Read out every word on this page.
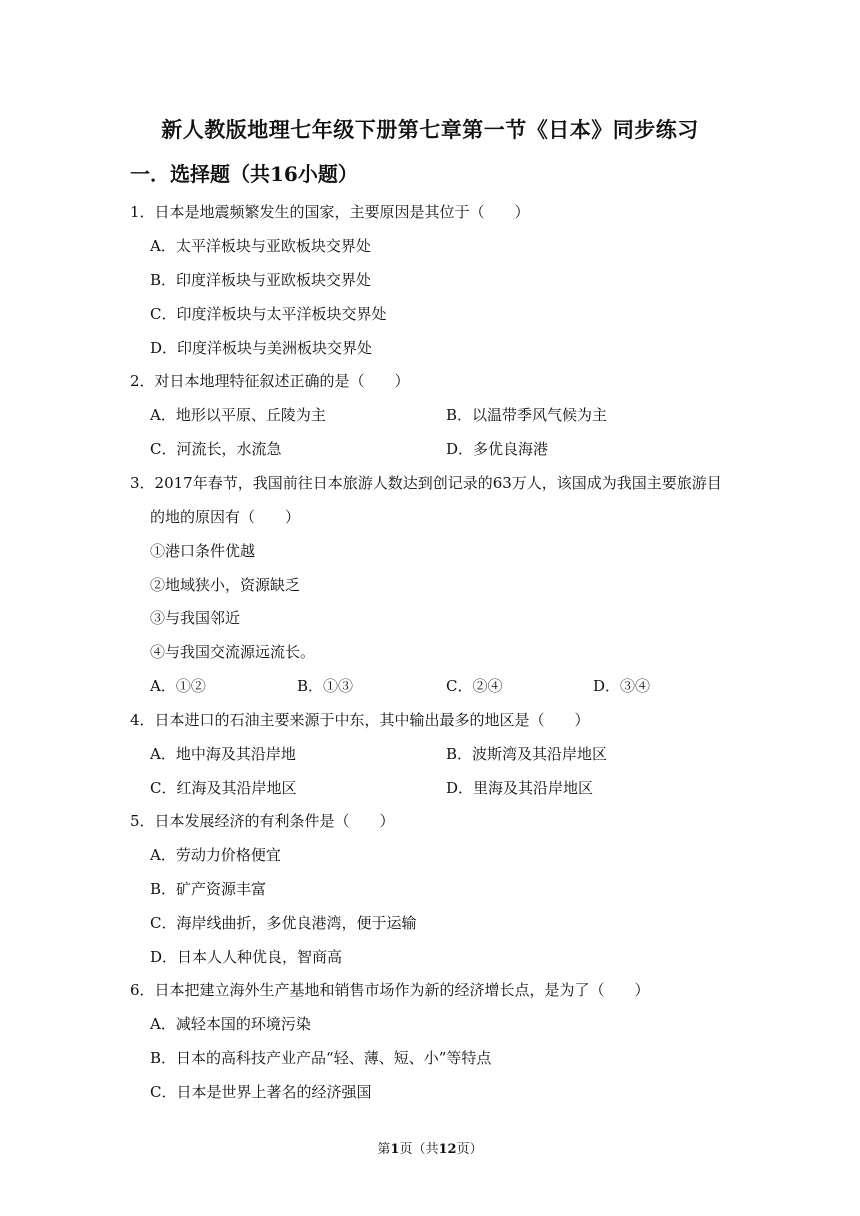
新人教版地理七年级下册第七章第一节《日本》同步练习
一．选择题（共16小题）
1．日本是地震频繁发生的国家，主要原因是其位于（　　）
A．太平洋板块与亚欧板块交界处
B．印度洋板块与亚欧板块交界处
C．印度洋板块与太平洋板块交界处
D．印度洋板块与美洲板块交界处
2．对日本地理特征叙述正确的是（　　）
A．地形以平原、丘陵为主	B．以温带季风气候为主
C．河流长，水流急	D．多优良海港
3．2017年春节，我国前往日本旅游人数达到创记录的63万人，该国成为我国主要旅游目
的地的原因有（　　）
①港口条件优越
②地域狭小，资源缺乏
③与我国邻近
④与我国交流源远流长。
A．①②	B．①③	C．②④	D．③④
4．日本进口的石油主要来源于中东，其中输出最多的地区是（　　）
A．地中海及其沿岸地	B．波斯湾及其沿岸地区
C．红海及其沿岸地区	D．里海及其沿岸地区
5．日本发展经济的有利条件是（　　）
A．劳动力价格便宜
B．矿产资源丰富
C．海岸线曲折，多优良港湾，便于运输
D．日本人人种优良，智商高
6．日本把建立海外生产基地和销售市场作为新的经济增长点，是为了（　　）
A．减轻本国的环境污染
B．日本的高科技产业产品“轻、薄、短、小”等特点
C．日本是世界上著名的经济强国
第1页（共12页）
